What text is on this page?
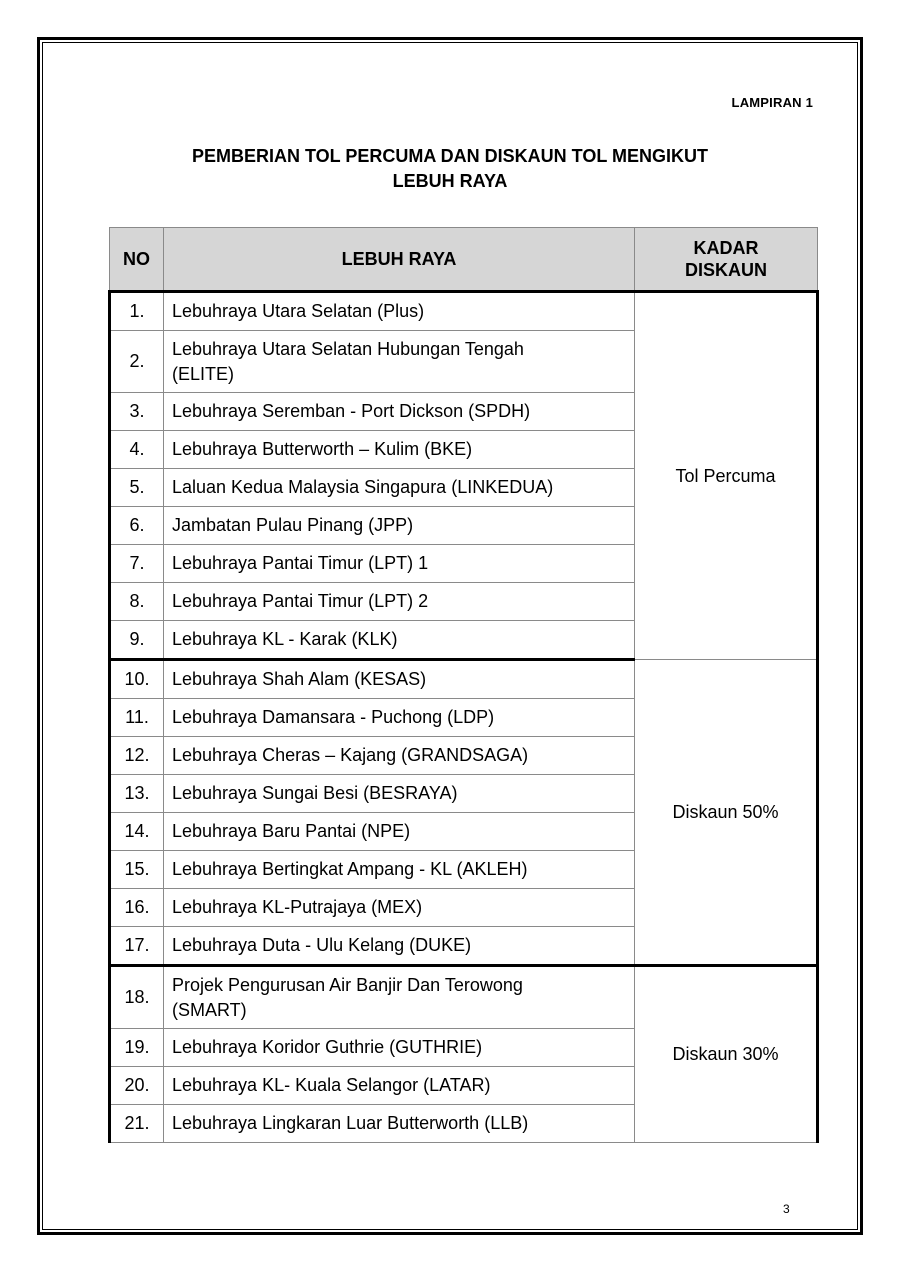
LAMPIRAN 1
PEMBERIAN TOL PERCUMA DAN DISKAUN TOL MENGIKUT
LEBUH RAYA
NO	LEBUH RAYA	KADAR
DISKAUN
1.	Lebuhraya Utara Selatan (Plus)	Tol Percuma
2.	Lebuhraya Utara Selatan Hubungan Tengah
(ELITE)	
3.	Lebuhraya Seremban - Port Dickson (SPDH)	
4.	Lebuhraya Butterworth – Kulim (BKE)	
5.	Laluan Kedua Malaysia Singapura (LINKEDUA)	
6.	Jambatan Pulau Pinang (JPP)	
7.	Lebuhraya Pantai Timur (LPT) 1	
8.	Lebuhraya Pantai Timur (LPT) 2	
9.	Lebuhraya KL - Karak (KLK)	
10.	Lebuhraya Shah Alam (KESAS)	Diskaun 50%
11.	Lebuhraya Damansara - Puchong (LDP)	
12.	Lebuhraya Cheras – Kajang (GRANDSAGA)	
13.	Lebuhraya Sungai Besi (BESRAYA)	
14.	Lebuhraya Baru Pantai (NPE)	
15.	Lebuhraya Bertingkat Ampang - KL (AKLEH)	
16.	Lebuhraya KL-Putrajaya (MEX)	
17.	Lebuhraya Duta - Ulu Kelang (DUKE)	
18.	Projek Pengurusan Air Banjir Dan Terowong
(SMART)	Diskaun 30%
19.	Lebuhraya Koridor Guthrie (GUTHRIE)	
20.	Lebuhraya KL- Kuala Selangor (LATAR)	
21.	Lebuhraya Lingkaran Luar Butterworth (LLB)	
3
